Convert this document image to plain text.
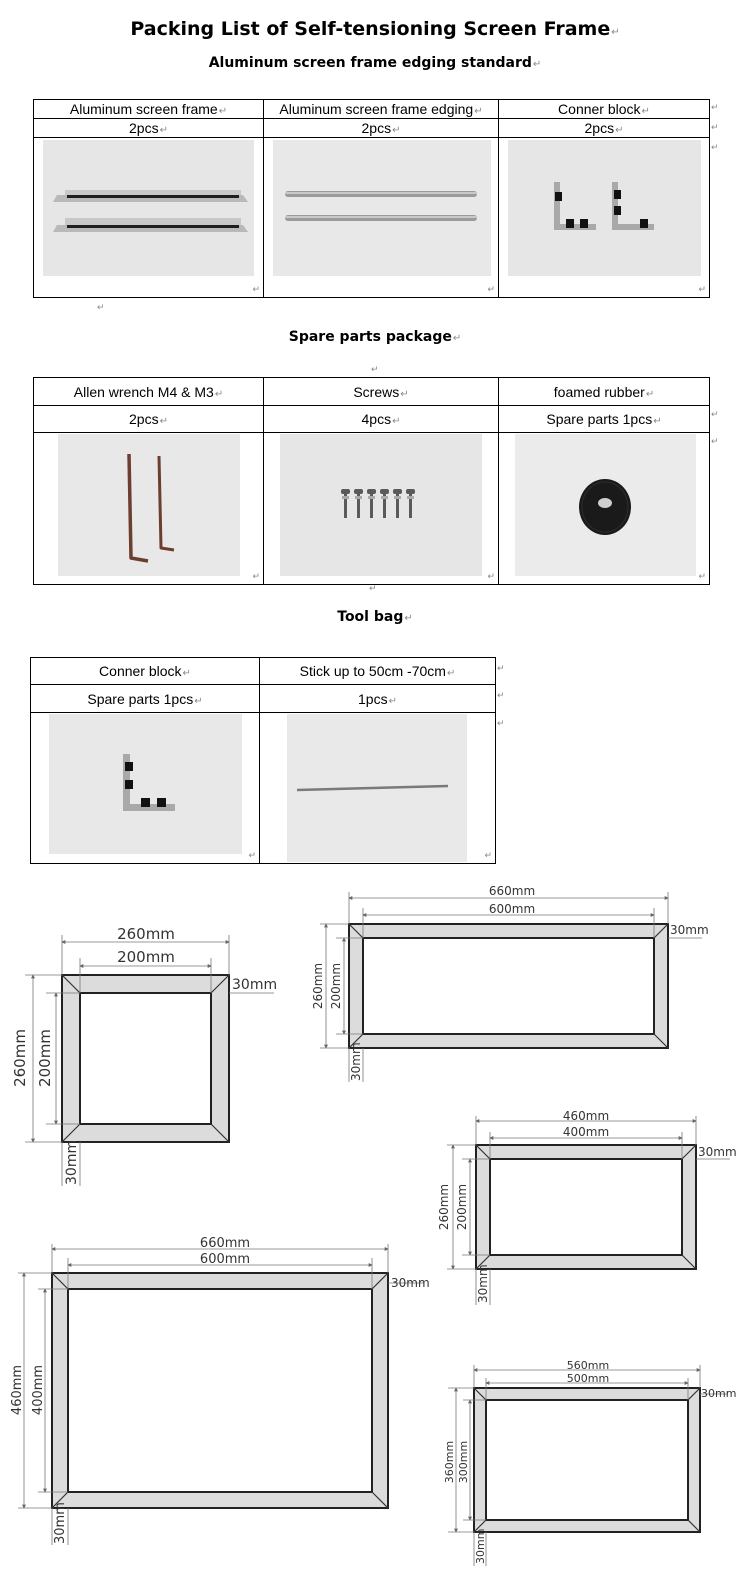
Packing List of Self-tensioning Screen Frame↵
Aluminum screen frame edging standard↵
Aluminum screen frame↵	Aluminum screen frame edging↵	Conner block↵
2pcs↵	2pcs↵	2pcs↵

↵	↵	↵
↵
↵
↵
↵
Spare parts package↵
↵
Allen wrench M4 & M3↵	Screws↵	foamed rubber↵
2pcs↵	4pcs↵	Spare parts 1pcs↵

↵	↵	↵
↵
↵
↵
Tool bag↵
Conner block↵	Stick up to 50cm -70cm↵
Spare parts 1pcs↵	1pcs↵

↵	↵
↵
↵
↵
260mm
200mm
260mm 200mm
30mm
30mm
660mm
600mm
260mm 200mm
30mm
30mm
460mm
400mm
260mm 200mm
30mm
30mm
660mm
600mm
460mm 400mm
30mm
30mm
560mm
500mm
360mm 300mm
30mm
30mm
